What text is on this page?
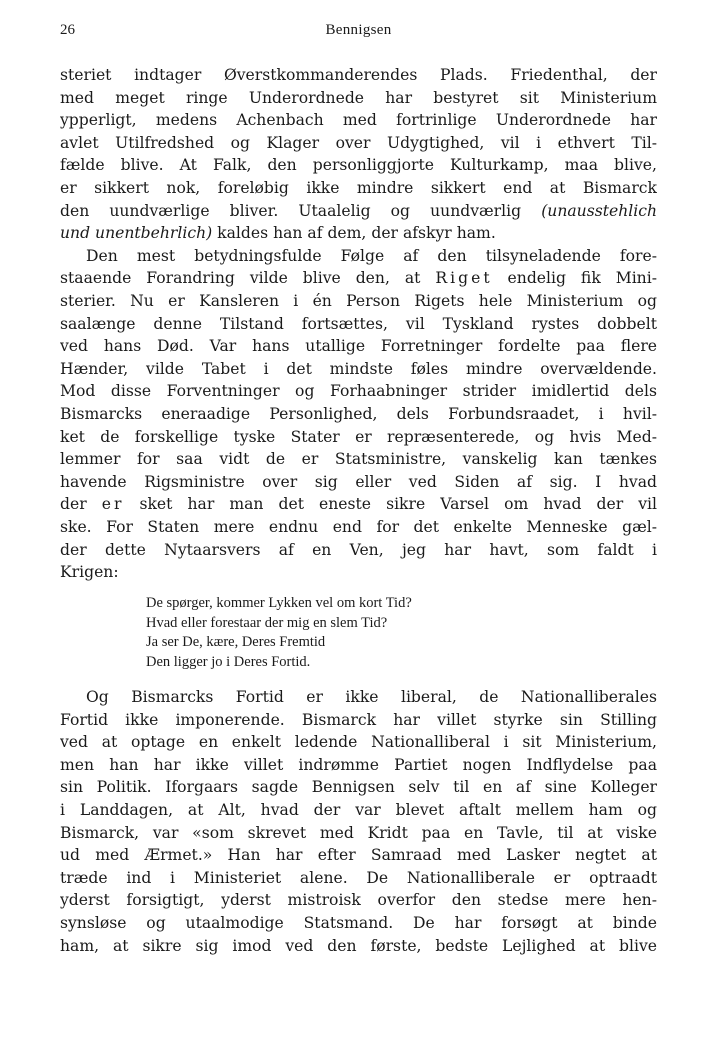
26	Bennigsen
steriet indtager Øverstkommanderendes Plads. Friedenthal, der
med meget ringe Underordnede har bestyret sit Ministerium
ypperligt, medens Achenbach med fortrinlige Underordnede har
avlet Utilfredshed og Klager over Udygtighed, vil i ethvert Til-
fælde blive. At Falk, den personliggjorte Kulturkamp, maa blive,
er sikkert nok, foreløbig ikke mindre sikkert end at Bismarck
den uundværlige bliver. Utaalelig og uundværlig (unausstehlich
und unentbehrlich) kaldes han af dem, der afskyr ham.
Den mest betydningsfulde Følge af den tilsyneladende fore-
staaende Forandring vilde blive den, at Riget endelig fik Mini-
sterier. Nu er Kansleren i én Person Rigets hele Ministerium og
saalænge denne Tilstand fortsættes, vil Tyskland rystes dobbelt
ved hans Død. Var hans utallige Forretninger fordelte paa flere
Hænder, vilde Tabet i det mindste føles mindre overvældende.
Mod disse Forventninger og Forhaabninger strider imidlertid dels
Bismarcks eneraadige Personlighed, dels Forbundsraadet, i hvil-
ket de forskellige tyske Stater er repræsenterede, og hvis Med-
lemmer for saa vidt de er Statsministre, vanskelig kan tænkes
havende Rigsministre over sig eller ved Siden af sig. I hvad
der er sket har man det eneste sikre Varsel om hvad der vil
ske. For Staten mere endnu end for det enkelte Menneske gæl-
der dette Nytaarsvers af en Ven, jeg har havt, som faldt i
Krigen:
De spørger, kommer Lykken vel om kort Tid?
Hvad eller forestaar der mig en slem Tid?
Ja ser De, kære, Deres Fremtid
Den ligger jo i Deres Fortid.
Og Bismarcks Fortid er ikke liberal, de Nationalliberales
Fortid ikke imponerende. Bismarck har villet styrke sin Stilling
ved at optage en enkelt ledende Nationalliberal i sit Ministerium,
men han har ikke villet indrømme Partiet nogen Indflydelse paa
sin Politik. Iforgaars sagde Bennigsen selv til en af sine Kolleger
i Landdagen, at Alt, hvad der var blevet aftalt mellem ham og
Bismarck, var «som skrevet med Kridt paa en Tavle, til at viske
ud med Ærmet.» Han har efter Samraad med Lasker negtet at
træde ind i Ministeriet alene. De Nationalliberale er optraadt
yderst forsigtigt, yderst mistroisk overfor den stedse mere hen-
synsløse og utaalmodige Statsmand. De har forsøgt at binde
ham, at sikre sig imod ved den første, bedste Lejlighed at blive
